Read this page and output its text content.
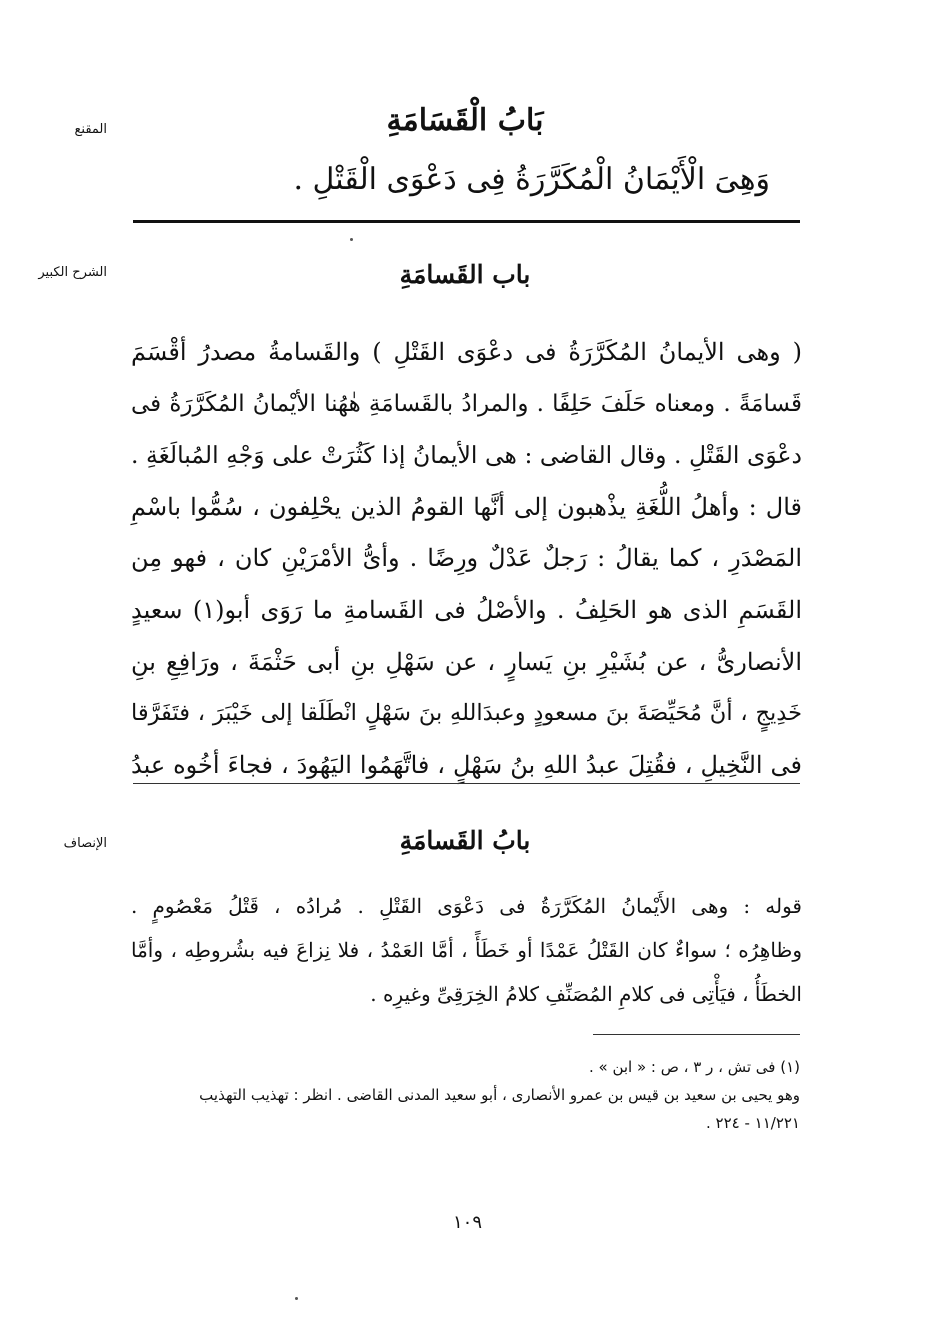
المقنع	بَابُ الْقَسَامَةِ
وَهِىَ الْأَيْمَانُ الْمُكَرَّرَةُ فِى دَعْوَى الْقَتْلِ .
الشرح الكبير	باب القَسامَةِ
( وهى الأيمانُ المُكَرَّرَةُ فى دعْوَى القَتْلِ ) والقَسامةُ مصدرُ أقْسَمَ
قَسامَةً . ومعناه حَلَفَ حَلِفًا . والمرادُ بالقَسامَةِ هٰهُنا الأيْمانُ المُكَرَّرَةُ فى
دعْوَى القَتْلِ . وقال القاضى : هى الأيمانُ إذا كَثُرَتْ على وَجْهِ المُبالَغَةِ .
قال : وأهلُ اللُّغَةِ يذْهبون إلى أنَّها القومُ الذين يحْلِفون ، سُمُّوا باسْمِ
المَصْدَرِ ، كما يقالُ : رَجلٌ عَدْلٌ ورِضًا . وأىُّ الأمْرَيْنِ كان ، فهو مِن
القَسَمِ الذى هو الحَلِفُ . والأصْلُ فى القَسامةِ ما رَوَى أبو(١) سعيدٍ
الأنصارىُّ ، عن بُشَيْرِ بنِ يَسارٍ ، عن سَهْلِ بنِ أبى حَثْمَةَ ، ورَافِعِ بنِ
خَدِيجٍ ، أنَّ مُحَيِّصَةَ بنَ مسعودٍ وعبدَاللهِ بنَ سَهْلٍ انْطَلَقا إلى خَيْبَرَ ، فتَفَرَّقا
فى النَّخِيلِ ، فقُتِلَ عبدُ اللهِ بنُ سَهْلٍ ، فاتَّهَمُوا اليَهُودَ ، فجاءَ أخُوه عبدُ
الإنصاف	بابُ القَسامَةِ
قوله : وهى الأَيْمانُ المُكَرَّرَةُ فى دَعْوَى القَتْلِ . مُرادُه ، قَتْلُ مَعْصُومٍ .
وظاهِرُه ؛ سواءٌ كان القَتْلُ عَمْدًا أو خَطَأً ، أمَّا العَمْدُ ، فلا نِزاعَ فيه بشُروطِه ، وأمَّا
الخطَأُ ، فيَأْتِى فى كلامِ المُصَنِّفِ كلامُ الخِرَقِىِّ وغيرِه .
(١) فى تش ، ر ٣ ، ص : « ابن » .
وهو يحيى بن سعيد بن قيس بن عمرو الأنصارى ، أبو سعيد المدنى القاضى . انظر : تهذيب التهذيب
١١/٢٢١ - ٢٢٤ .
١٠٩
